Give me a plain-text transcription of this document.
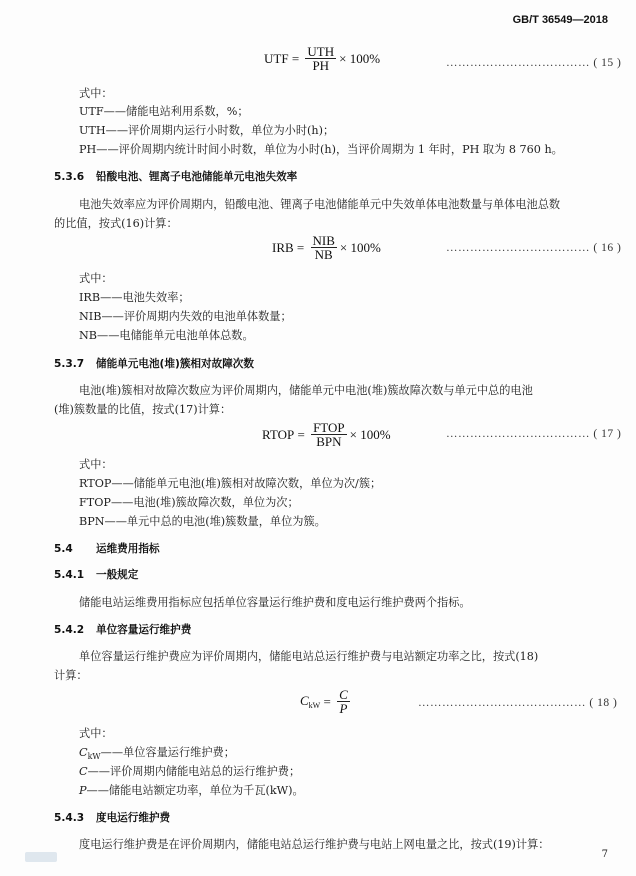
GB/T 36549—2018
UTF = $\frac{\text{UTH}}{PH} \times 100\%$	……………………………… ( 15 )
式中：
UTF——储能电站利用系数，%；
UTH——评价周期内运行小时数，单位为小时(h)；
PH——评价周期内统计时间小时数，单位为小时(h)，当评价周期为 1 年时，PH 取为 8 760 h。
5.3.6 铅酸电池、锂离子电池储能单元电池失效率
电池失效率应为评价周期内，铅酸电池、锂离子电池储能单元中失效单体电池数量与单体电池总数
的比值，按式(16)计算：
IRB = $\frac{\text{NIB}}{NB} \times 100\%$	……………………………… ( 16 )
式中：
IRB——电池失效率；
NIB——评价周期内失效的电池单体数量；
NB——电储能单元电池单体总数。
5.3.7 储能单元电池(堆)簇相对故障次数
电池(堆)簇相对故障次数应为评价周期内，储能单元中电池(堆)簇故障次数与单元中总的电池
(堆)簇数量的比值，按式(17)计算：
RTOP = $\frac{\text{FTOP}}{\text{BPN}} \times 100\%$	……………………………… ( 17 )
式中：
RTOP——储能单元电池(堆)簇相对故障次数，单位为次/簇；
FTOP——电池(堆)簇故障次数，单位为次；
BPN——单元中总的电池(堆)簇数量，单位为簇。
5.4 运维费用指标
5.4.1 一般规定
储能电站运维费用指标应包括单位容量运行维护费和度电运行维护费两个指标。
5.4.2 单位容量运行维护费
单位容量运行维护费应为评价周期内，储能电站总运行维护费与电站额定功率之比，按式(18)
计算：
$C_{kW} = \frac{C}{P}$	…………………………………… ( 18 )
式中：
$C_{kW}——$单位容量运行维护费；
C——评价周期内储能电站总的运行维护费；
P——储能电站额定功率，单位为千瓦(kW)。
5.4.3 度电运行维护费
度电运行维护费是在评价周期内，储能电站总运行维护费与电站上网电量之比，按式(19)计算：
7
